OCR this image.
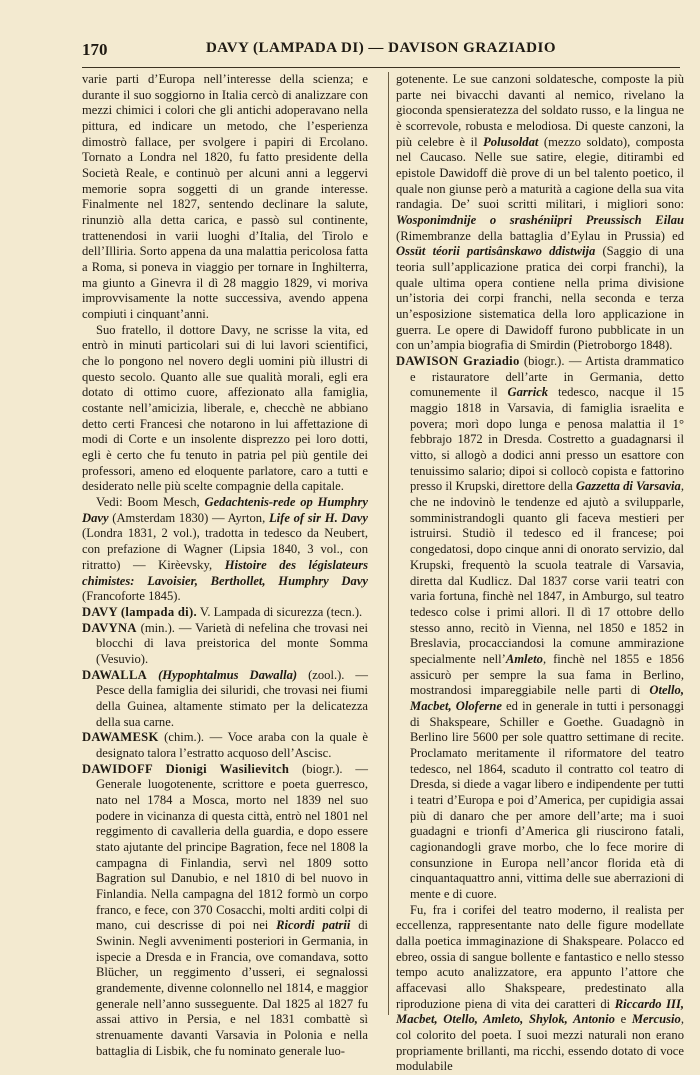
170	DAVY (LAMPADA DI) — DAVISON GRAZIADIO

varie parti d’Europa nell’interesse della scienza; e durante il suo soggiorno in Italia cercò di analizzare con mezzi chimici i colori che gli antichi adoperavano nella pittura, ed indicare un metodo, che l’esperienza dimostrò fallace, per svolgere i papiri di Ercolano. Tornato a Londra nel 1820, fu fatto presidente della Società Reale, e continuò per alcuni anni a leggervi memorie sopra soggetti di un grande interesse. Finalmente nel 1827, sentendo declinare la salute, rinunziò alla detta carica, e passò sul continente, trattenendosi in varii luoghi d’Italia, del Tirolo e dell’Illiria. Sorto appena da una malattia pericolosa fatta a Roma, si poneva in viaggio per tornare in Inghilterra, ma giunto a Ginevra il dì 28 maggio 1829, vi moriva improvvisamente la notte successiva, avendo appena compiuti i cinquant’anni.

Suo fratello, il dottore Davy, ne scrisse la vita, ed entrò in minuti particolari sui di lui lavori scientifici, che lo pongono nel novero degli uomini più illustri di questo secolo. Quanto alle sue qualità morali, egli era dotato di ottimo cuore, affezionato alla famiglia, costante nell’amicizia, liberale, e, checchè ne abbiano detto certi Francesi che notarono in lui affettazione di modi di Corte e un insolente disprezzo pei loro dotti, egli è certo che fu tenuto in patria pel più gentile dei professori, ameno ed eloquente parlatore, caro a tutti e desiderato nelle più scelte compagnie della capitale.

Vedi: Boom Mesch, Gedachtenis-rede op Humphry Davy (Amsterdam 1830) — Ayrton, Life of sir H. Davy (Londra 1831, 2 vol.), tradotta in tedesco da Neubert, con prefazione di Wagner (Lipsia 1840, 3 vol., con ritratto) — Kirèevsky, Histoire des législateurs chimistes: Lavoisier, Berthollet, Humphry Davy (Francoforte 1845).

DAVY (lampada di). V. Lampada di sicurezza (tecn.).

DAVYNA (min.). — Varietà di nefelina che trovasi nei blocchi di lava preistorica del monte Somma (Vesuvio).

DAWALLA (Hypophtalmus Dawalla) (zool.). — Pesce della famiglia dei siluridi, che trovasi nei fiumi della Guinea, altamente stimato per la delicatezza della sua carne.

DAWAMESK (chim.). — Voce araba con la quale è designato talora l’estratto acquoso dell’Ascisc.

DAWIDOFF Dionigi Wasilievitch (biogr.). — Generale luogotenente, scrittore e poeta guerresco, nato nel 1784 a Mosca, morto nel 1839 nel suo podere in vicinanza di questa città, entrò nel 1801 nel reggimento di cavalleria della guardia, e dopo essere stato ajutante del principe Bagration, fece nel 1808 la campagna di Finlandia, servì nel 1809 sotto Bagration sul Danubio, e nel 1810 di bel nuovo in Finlandia. Nella campagna del 1812 formò un corpo franco, e fece, con 370 Cosacchi, molti arditi colpi di mano, cui descrisse di poi nei Ricordi patrii di Swinin. Negli avvenimenti posteriori in Germania, in ispecie a Dresda e in Francia, ove comandava, sotto Blücher, un reggimento d’usseri, ei segnalossi grandemente, divenne colonnello nel 1814, e maggior generale nell’anno susseguente. Dal 1825 al 1827 fu assai attivo in Persia, e nel 1831 combattè sì strenuamente davanti Varsavia in Polonia e nella battaglia di Lisbik, che fu nominato generale luo-

gotenente. Le sue canzoni soldatesche, composte la più parte nei bivacchi davanti al nemico, rivelano la gioconda spensieratezza del soldato russo, e la lingua ne è scorrevole, robusta e melodiosa. Di queste canzoni, la più celebre è il Polusoldat (mezzo soldato), composta nel Caucaso. Nelle sue satire, elegie, ditirambi ed epistole Dawidoff diè prove di un bel talento poetico, il quale non giunse però a maturità a cagione della sua vita randagia. De’ suoi scritti militari, i migliori sono: Wosponimdnije o srashéniipri Preussisch Eilau (Rimembranze della battaglia d’Eylau in Prussia) ed Ossüt téorii partisânskawo ddistwija (Saggio di una teoria sull’applicazione pratica dei corpi franchi), la quale ultima opera contiene nella prima divisione un’istoria dei corpi franchi, nella seconda e terza un’esposizione sistematica della loro applicazione in guerra. Le opere di Dawidoff furono pubblicate in un con un’ampia biografia di Smirdin (Pietroborgo 1848).

DAWISON Graziadio (biogr.). — Artista drammatico e ristauratore dell’arte in Germania, detto comunemente il Garrick tedesco, nacque il 15 maggio 1818 in Varsavia, di famiglia israelita e povera; morì dopo lunga e penosa malattia il 1° febbrajo 1872 in Dresda. Costretto a guadagnarsi il vitto, si allogò a dodici anni presso un esattore con tenuissimo salario; dipoi si collocò copista e fattorino presso il Krupski, direttore della Gazzetta di Varsavia, che ne indovinò le tendenze ed ajutò a svilupparle, somministrandogli quanto gli faceva mestieri per istruirsi. Studiò il tedesco ed il francese; poi congedatosi, dopo cinque anni di onorato servizio, dal Krupski, frequentò la scuola teatrale di Varsavia, diretta dal Kudlicz. Dal 1837 corse varii teatri con varia fortuna, finchè nel 1847, in Amburgo, sul teatro tedesco colse i primi allori. Il dì 17 ottobre dello stesso anno, recitò in Vienna, nel 1850 e 1852 in Breslavia, procacciandosi la comune ammirazione specialmente nell’Amleto, finchè nel 1855 e 1856 assicurò per sempre la sua fama in Berlino, mostrandosi impareggiabile nelle parti di Otello, Macbet, Oloferne ed in generale in tutti i personaggi di Shakspeare, Schiller e Goethe. Guadagnò in Berlino lire 5600 per sole quattro settimane di recite. Proclamato meritamente il riformatore del teatro tedesco, nel 1864, scaduto il contratto col teatro di Dresda, si diede a vagar libero e indipendente per tutti i teatri d’Europa e poi d’America, per cupidigia assai più di danaro che per amore dell’arte; ma i suoi guadagni e trionfi d’America gli riuscirono fatali, cagionandogli grave morbo, che lo fece morire di consunzione in Europa nell’ancor florida età di cinquantaquattro anni, vittima delle sue aberrazioni di mente e di cuore.

Fu, fra i corifei del teatro moderno, il realista per eccellenza, rappresentante nato delle figure modellate dalla poetica immaginazione di Shakspeare. Polacco ed ebreo, ossia di sangue bollente e fantastico e nello stesso tempo acuto analizzatore, era appunto l’attore che affacevasi allo Shakspeare, predestinato alla riproduzione piena di vita dei caratteri di Riccardo III, Macbet, Otello, Amleto, Shylok, Antonio e Mercusio, col colorito del poeta. I suoi mezzi naturali non erano propriamente brillanti, ma ricchi, essendo dotato di voce modulabile
